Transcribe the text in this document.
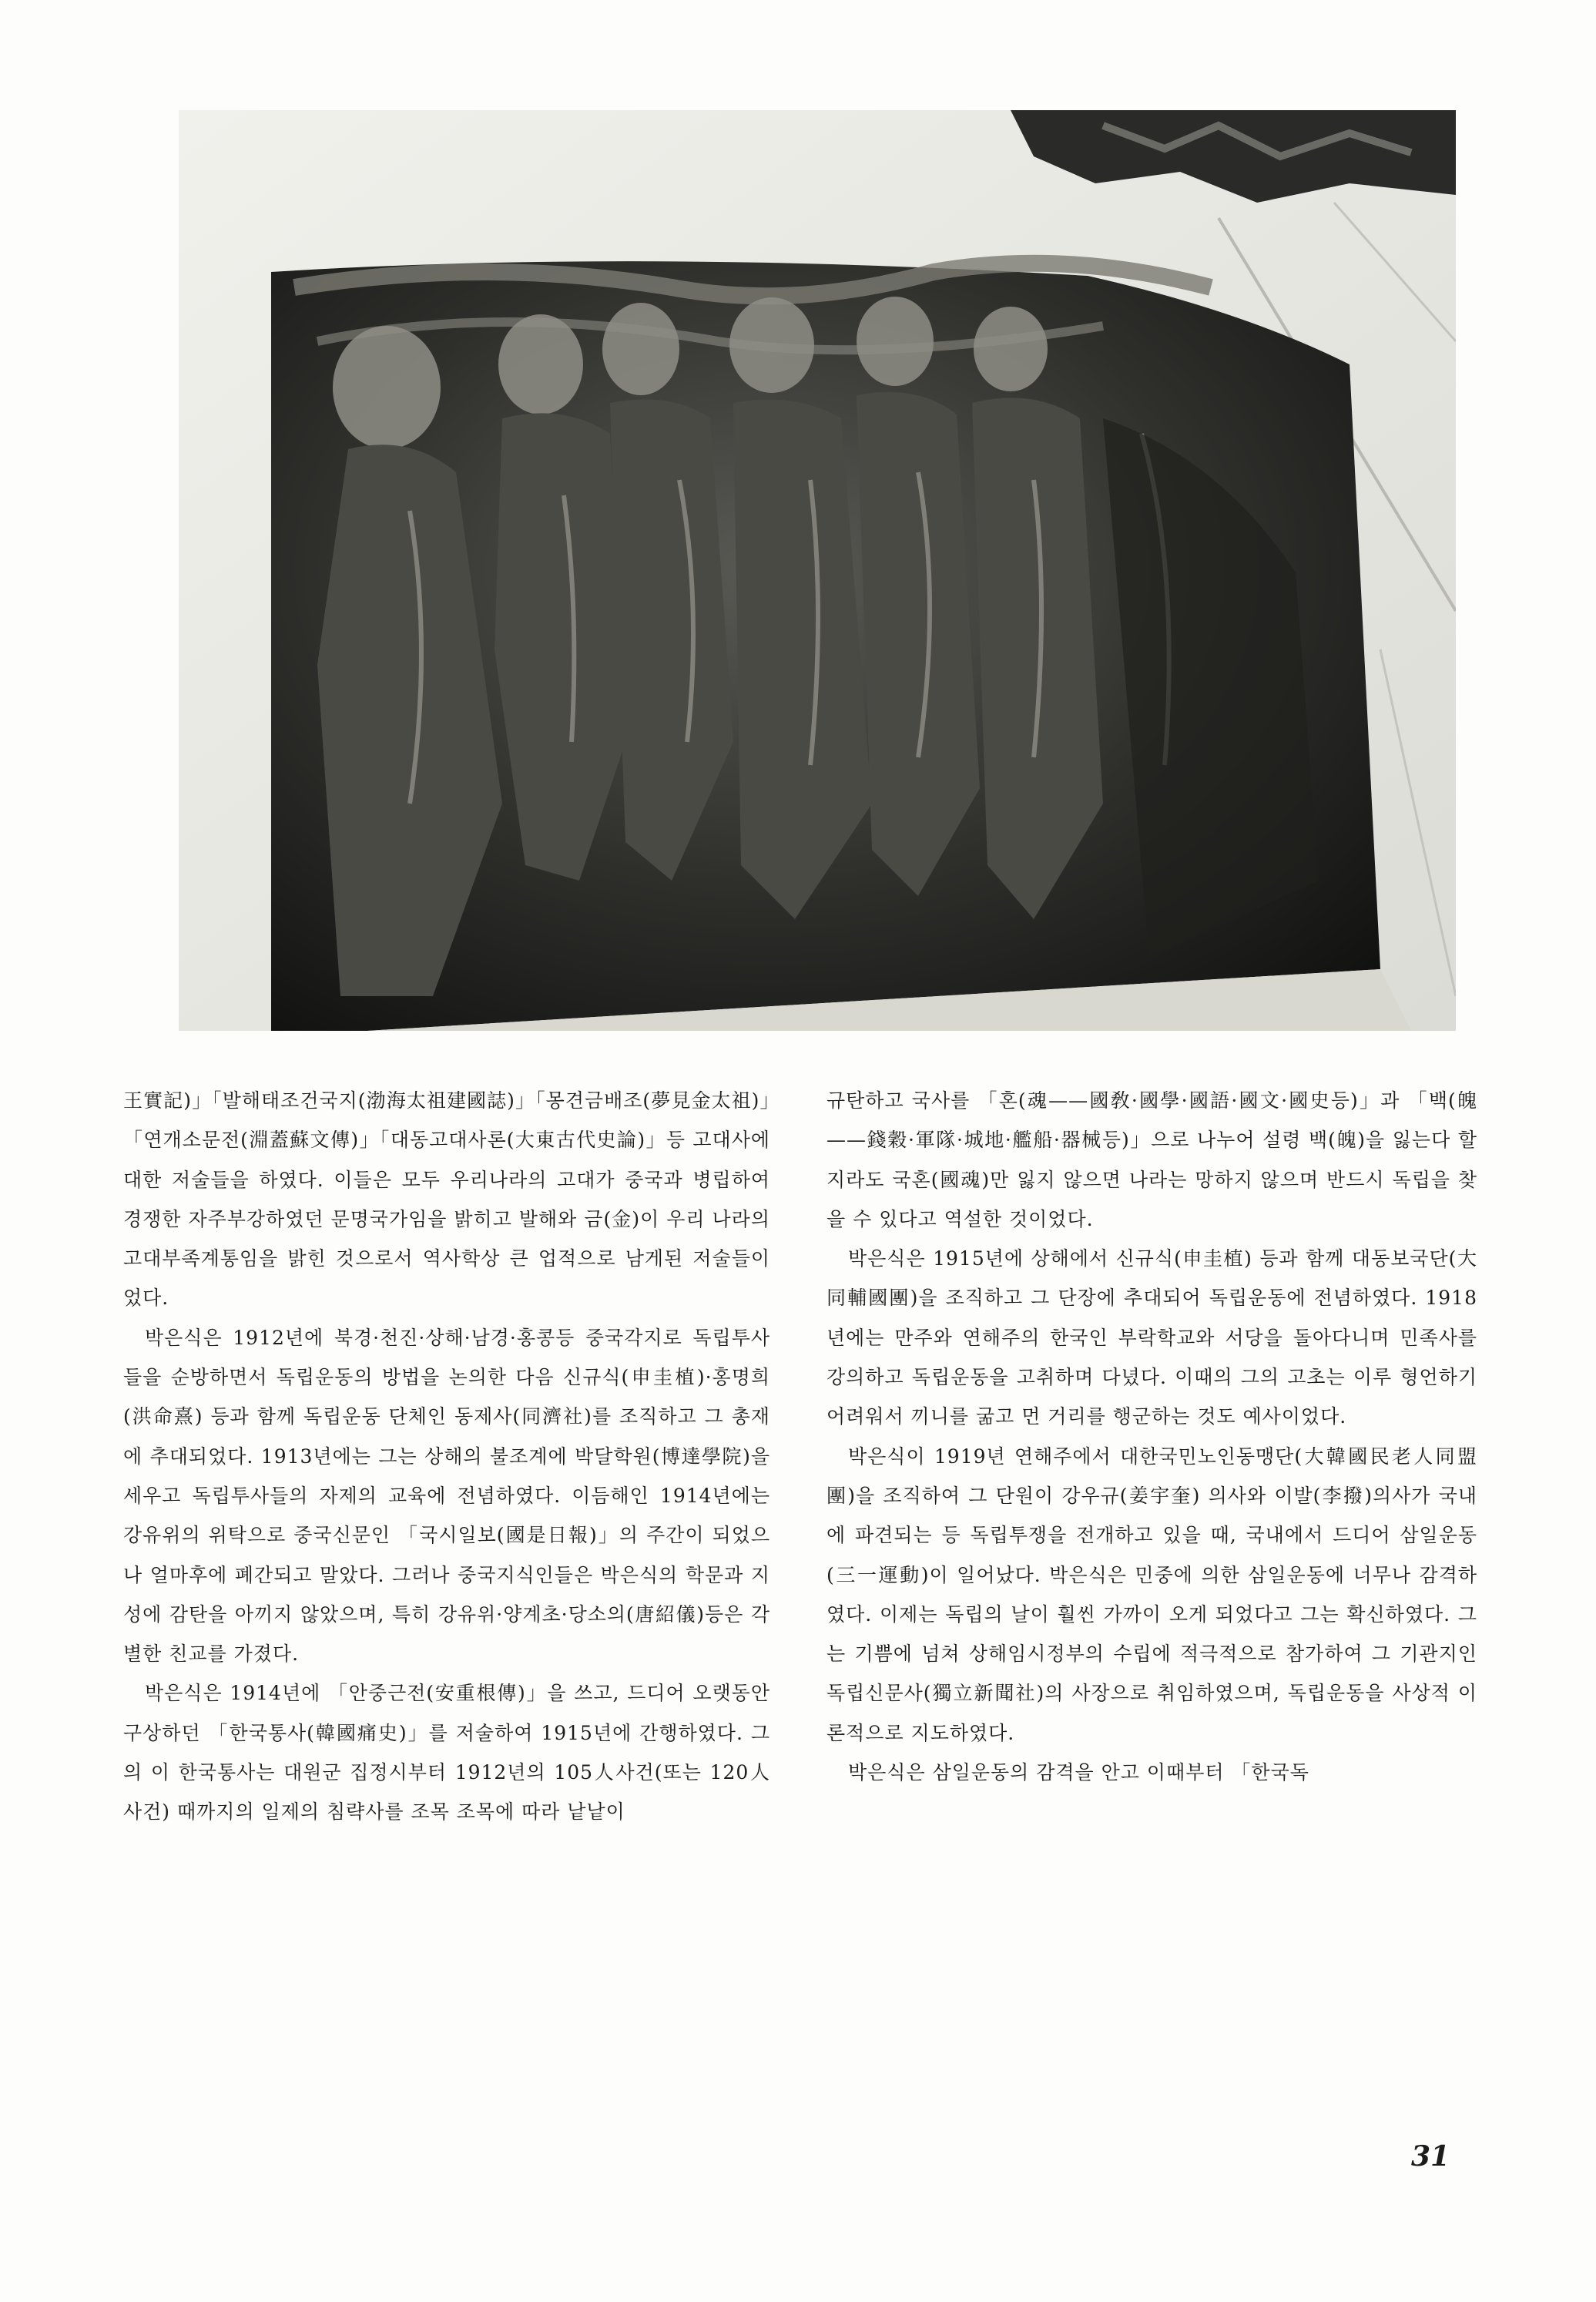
王實記)」「발해태조건국지(渤海太祖建國誌)」「몽견금배조(夢見金太祖)」「연개소문전(淵蓋蘇文傳)」「대동고대사론(大東古代史論)」등 고대사에 대한 저술들을 하였다. 이들은 모두 우리나라의 고대가 중국과 병립하여 경쟁한 자주부강하였던 문명국가임을 밝히고 발해와 금(金)이 우리 나라의 고대부족계통임을 밝힌 것으로서 역사학상 큰 업적으로 남게된 저술들이었다.

박은식은 1912년에 북경·천진·상해·남경·홍콩등 중국각지로 독립투사들을 순방하면서 독립운동의 방법을 논의한 다음 신규식(申圭植)·홍명희(洪命熹) 등과 함께 독립운동 단체인 동제사(同濟社)를 조직하고 그 총재에 추대되었다. 1913년에는 그는 상해의 불조계에 박달학원(博達學院)을 세우고 독립투사들의 자제의 교육에 전념하였다. 이듬해인 1914년에는 강유위의 위탁으로 중국신문인 「국시일보(國是日報)」의 주간이 되었으나 얼마후에 폐간되고 말았다. 그러나 중국지식인들은 박은식의 학문과 지성에 감탄을 아끼지 않았으며, 특히 강유위·양계초·당소의(唐紹儀)등은 각별한 친교를 가졌다.

박은식은 1914년에 「안중근전(安重根傳)」을 쓰고, 드디어 오랫동안 구상하던 「한국통사(韓國痛史)」를 저술하여 1915년에 간행하였다. 그의 이 한국통사는 대원군 집정시부터 1912년의 105人사건(또는 120人사건) 때까지의 일제의 침략사를 조목 조목에 따라 낱낱이

규탄하고 국사를 「혼(魂——國敎·國學·國語·國文·國史등)」과 「백(魄——錢穀·軍隊·城地·艦船·器械등)」으로 나누어 설령 백(魄)을 잃는다 할지라도 국혼(國魂)만 잃지 않으면 나라는 망하지 않으며 반드시 독립을 찾을 수 있다고 역설한 것이었다.

박은식은 1915년에 상해에서 신규식(申圭植) 등과 함께 대동보국단(大同輔國團)을 조직하고 그 단장에 추대되어 독립운동에 전념하였다. 1918년에는 만주와 연해주의 한국인 부락학교와 서당을 돌아다니며 민족사를 강의하고 독립운동을 고취하며 다녔다. 이때의 그의 고초는 이루 형언하기 어려워서 끼니를 굶고 먼 거리를 행군하는 것도 예사이었다.

박은식이 1919년 연해주에서 대한국민노인동맹단(大韓國民老人同盟團)을 조직하여 그 단원이 강우규(姜宇奎) 의사와 이발(李撥)의사가 국내에 파견되는 등 독립투쟁을 전개하고 있을 때, 국내에서 드디어 삼일운동(三一運動)이 일어났다. 박은식은 민중에 의한 삼일운동에 너무나 감격하였다. 이제는 독립의 날이 훨씬 가까이 오게 되었다고 그는 확신하였다. 그는 기쁨에 넘쳐 상해임시정부의 수립에 적극적으로 참가하여 그 기관지인 독립신문사(獨立新聞社)의 사장으로 취임하였으며, 독립운동을 사상적 이론적으로 지도하였다.

박은식은 삼일운동의 감격을 안고 이때부터 「한국독

31
